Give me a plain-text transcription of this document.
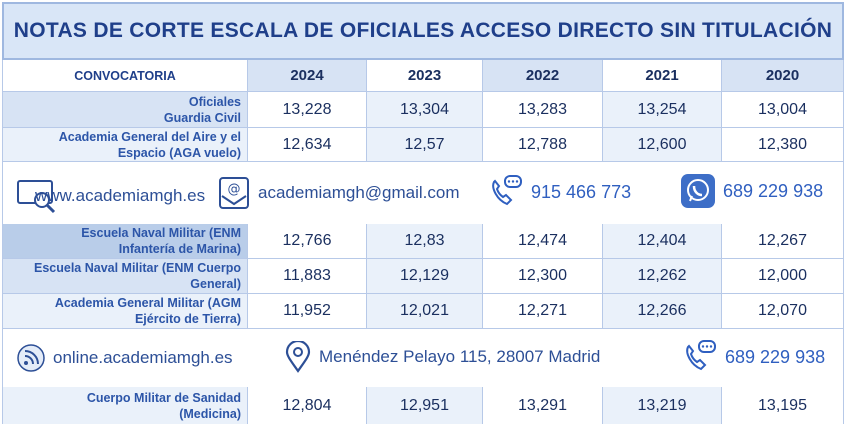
NOTAS DE CORTE ESCALA DE OFICIALES ACCESO DIRECTO SIN TITULACIÓN
CONVOCATORIA	2024	2023	2022	2021	2020
Oficiales
Guardia Civil	13,228	13,304	13,283	13,254	13,004
Academia General del Aire y el
Espacio (AGA vuelo)	12,634	12,57	12,788	12,600	12,380
www.academiamgh.es @ academiamgh@gmail.com	915 466 773	689 229 938
Escuela Naval Militar (ENM
Infantería de Marina)	12,766	12,83	12,474	12,404	12,267
Escuela Naval Militar (ENM Cuerpo
General)	11,883	12,129	12,300	12,262	12,000
Academia General Militar (AGM
Ejército de Tierra)	11,952	12,021	12,271	12,266	12,070
online.academiamgh.es	Menéndez Pelayo 115, 28007 Madrid	689 229 938
Cuerpo Militar de Sanidad
(Medicina)	12,804	12,951	13,291	13,219	13,195
